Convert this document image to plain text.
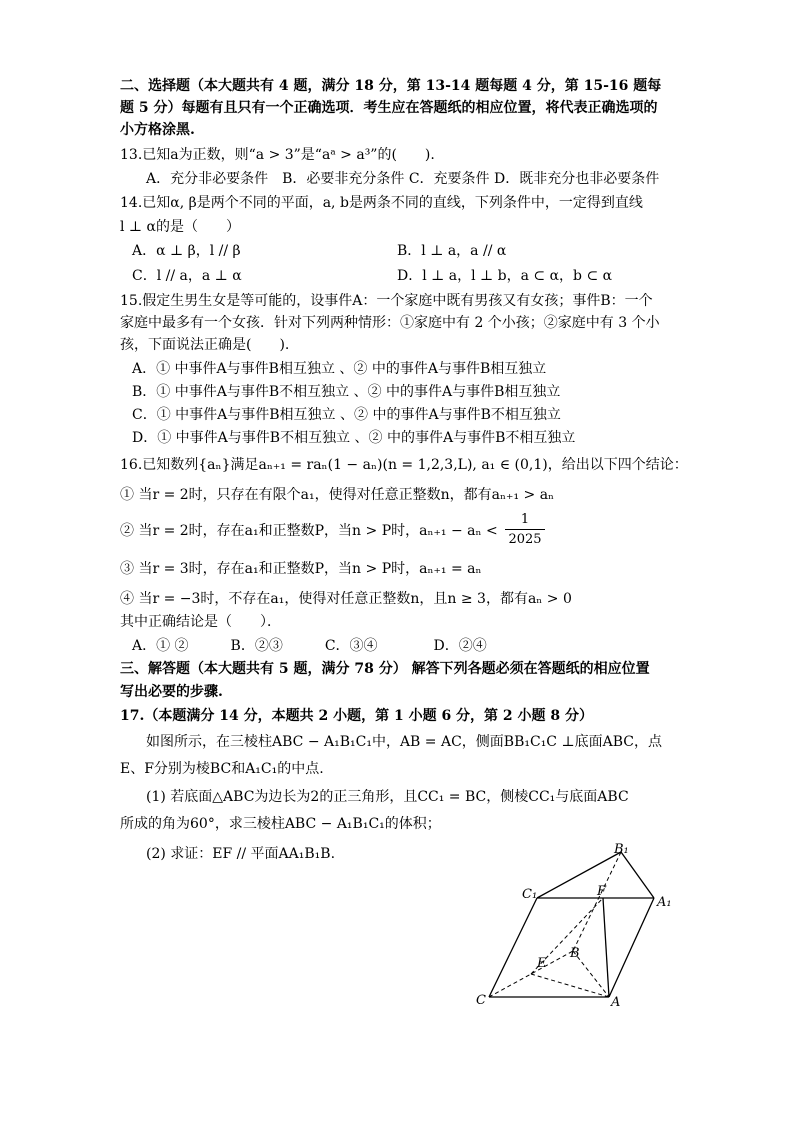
二、选择题（本大题共有 4 题，满分 18 分，第 13-14 题每题 4 分，第 15-16 题每
题 5 分）每题有且只有一个正确选项．考生应在答题纸的相应位置，将代表正确选项的
小方格涂黑.
13.已知a为正数，则“a > 3”是“aᵃ > a³”的(　　).
A．充分非必要条件　B．必要非充分条件 C．充要条件 D．既非充分也非必要条件
14.已知α, β是两个不同的平面，a, b是两条不同的直线，下列条件中，一定得到直线
l ⊥ α的是（　　）
A．α ⊥ β，l // β	B．l ⊥ a，a // α
C．l // a，a ⊥ α	D．l ⊥ a，l ⊥ b，a ⊂ α，b ⊂ α
15.假定生男生女是等可能的，设事件A：一个家庭中既有男孩又有女孩；事件B：一个
家庭中最多有一个女孩．针对下列两种情形：①家庭中有 2 个小孩；②家庭中有 3 个小
孩，下面说法正确是(　　).
A．① 中事件A与事件B相互独立 、② 中的事件A与事件B相互独立
B．① 中事件A与事件B不相互独立 、② 中的事件A与事件B相互独立
C．① 中事件A与事件B相互独立 、② 中的事件A与事件B不相互独立
D．① 中事件A与事件B不相互独立 、② 中的事件A与事件B不相互独立
16.已知数列{aₙ}满足aₙ₊₁ = raₙ(1 − aₙ)(n = 1,2,3,L), a₁ ∈ (0,1)，给出以下四个结论：
① 当r = 2时，只存在有限个a₁，使得对任意正整数n，都有aₙ₊₁ > aₙ
② 当r = 2时，存在a₁和正整数P，当n > P时，aₙ₊₁ − aₙ <
1
2025
③ 当r = 3时，存在a₁和正整数P，当n > P时，aₙ₊₁ = aₙ
④ 当r = −3时，不存在a₁，使得对任意正整数n，且n ≥ 3，都有aₙ > 0
其中正确结论是（　　）．
A．① ②　　　B．②③　　　C．③④　　　　D．②④
三、解答题（本大题共有 5 题，满分 78 分） 解答下列各题必须在答题纸的相应位置
写出必要的步骤.
17.（本题满分 14 分，本题共 2 小题，第 1 小题 6 分，第 2 小题 8 分）
如图所示，在三棱柱ABC − A₁B₁C₁中，AB = AC，侧面BB₁C₁C ⊥底面ABC，点
E、F分别为棱BC和A₁C₁的中点.
(1) 若底面△ABC为边长为2的正三角形，且CC₁ = BC，侧棱CC₁与底面ABC
所成的角为60°，求三棱柱ABC − A₁B₁C₁的体积；
(2) 求证：EF // 平面AA₁B₁B.	B₁
C₁	F
A₁
B
E
C	A
